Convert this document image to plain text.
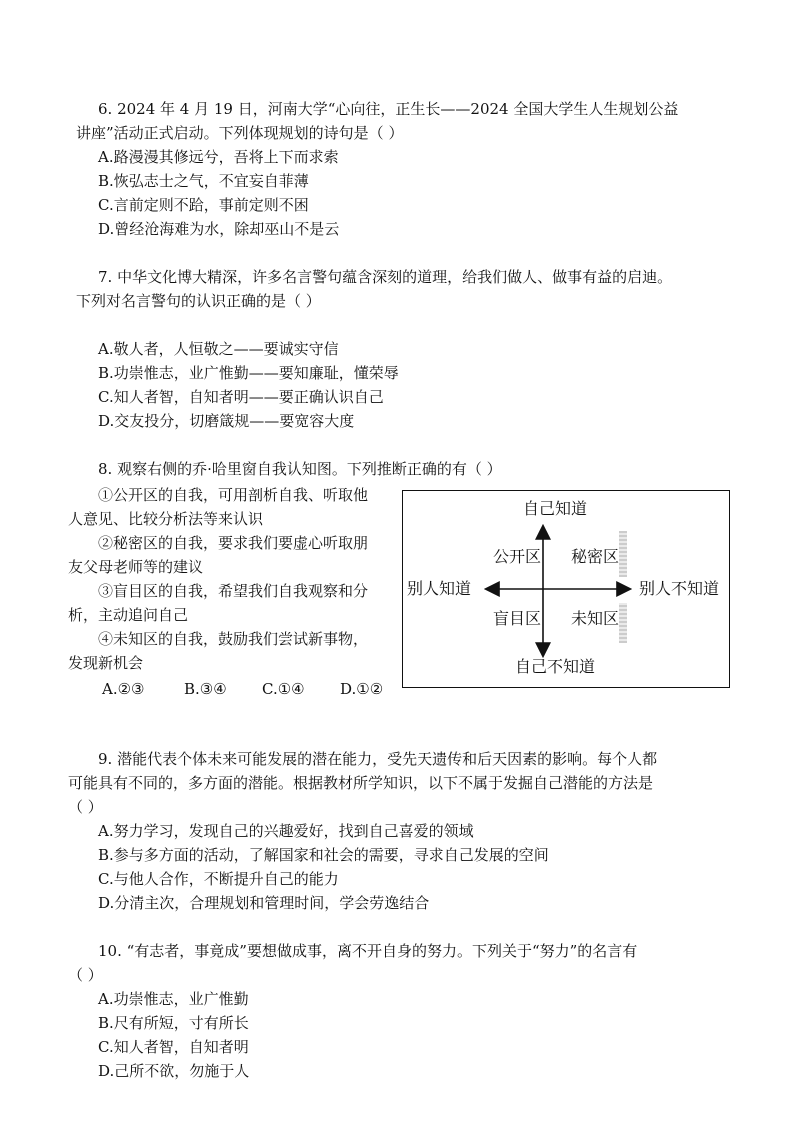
6. 2024 年 4 月 19 日，河南大学“心向往，正生长——2024 全国大学生人生规划公益
讲座”活动正式启动。下列体现规划的诗句是（ ）
A.路漫漫其修远兮，吾将上下而求索
B.恢弘志士之气，不宜妄自菲薄
C.言前定则不跲，事前定则不困
D.曾经沧海难为水，除却巫山不是云
7. 中华文化博大精深，许多名言警句蕴含深刻的道理，给我们做人、做事有益的启迪。
下列对名言警句的认识正确的是（ ）
A.敬人者，人恒敬之——要诚实守信
B.功崇惟志，业广惟勤——要知廉耻，懂荣辱
C.知人者智，自知者明——要正确认识自己
D.交友投分，切磨箴规——要宽容大度
8. 观察右侧的乔·哈里窗自我认知图。下列推断正确的有（ ）
①公开区的自我，可用剖析自我、听取他
人意见、比较分析法等来认识
②秘密区的自我，要求我们要虚心听取朋
友父母老师等的建议
③盲目区的自我，希望我们自我观察和分
析，主动追问自己
④未知区的自我，鼓励我们尝试新事物，
发现新机会
A.②③	B.③④ C.①④ D.①②
自己知道
自己不知道
别人知道	别人不知道
公开区 秘密区
盲目区 未知区
9. 潜能代表个体未来可能发展的潜在能力，受先天遗传和后天因素的影响。每个人都
可能具有不同的，多方面的潜能。根据教材所学知识，以下不属于发掘自己潜能的方法是
（ ）
A.努力学习，发现自己的兴趣爱好，找到自己喜爱的领域
B.参与多方面的活动，了解国家和社会的需要，寻求自己发展的空间
C.与他人合作，不断提升自己的能力
D.分清主次，合理规划和管理时间，学会劳逸结合
10. “有志者，事竟成”要想做成事，离不开自身的努力。下列关于“努力”的名言有
（ ）
A.功崇惟志，业广惟勤
B.尺有所短，寸有所长
C.知人者智，自知者明
D.己所不欲，勿施于人
